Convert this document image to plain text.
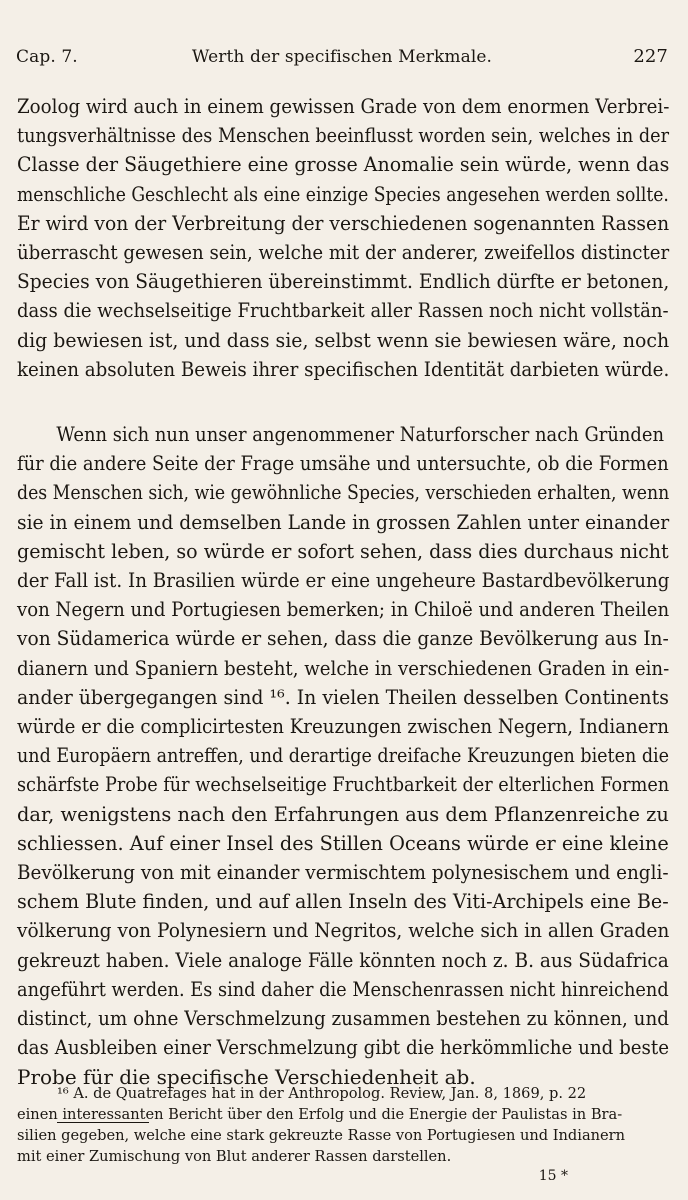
Cap. 7.	Werth der specifischen Merkmale.	227
Zoolog wird auch in einem gewissen Grade von dem enormen Verbrei-
tungsverhältnisse des Menschen beeinflusst worden sein, welches in der
Classe der Säugethiere eine grosse Anomalie sein würde, wenn das
menschliche Geschlecht als eine einzige Species angesehen werden sollte.
Er wird von der Verbreitung der verschiedenen sogenannten Rassen
überrascht gewesen sein, welche mit der anderer, zweifellos distincter
Species von Säugethieren übereinstimmt. Endlich dürfte er betonen,
dass die wechselseitige Fruchtbarkeit aller Rassen noch nicht vollstän-
dig bewiesen ist, und dass sie, selbst wenn sie bewiesen wäre, noch
keinen absoluten Beweis ihrer specifischen Identität darbieten würde.
Wenn sich nun unser angenommener Naturforscher nach Gründen
für die andere Seite der Frage umsähe und untersuchte, ob die Formen
des Menschen sich, wie gewöhnliche Species, verschieden erhalten, wenn
sie in einem und demselben Lande in grossen Zahlen unter einander
gemischt leben, so würde er sofort sehen, dass dies durchaus nicht
der Fall ist. In Brasilien würde er eine ungeheure Bastardbevölkerung
von Negern und Portugiesen bemerken; in Chiloë und anderen Theilen
von Südamerica würde er sehen, dass die ganze Bevölkerung aus In-
dianern und Spaniern besteht, welche in verschiedenen Graden in ein-
ander übergegangen sind ¹⁶. In vielen Theilen desselben Continents
würde er die complicirtesten Kreuzungen zwischen Negern, Indianern
und Europäern antreffen, und derartige dreifache Kreuzungen bieten die
schärfste Probe für wechselseitige Fruchtbarkeit der elterlichen Formen
dar, wenigstens nach den Erfahrungen aus dem Pflanzenreiche zu
schliessen. Auf einer Insel des Stillen Oceans würde er eine kleine
Bevölkerung von mit einander vermischtem polynesischem und engli-
schem Blute finden, und auf allen Inseln des Viti-Archipels eine Be-
völkerung von Polynesiern und Negritos, welche sich in allen Graden
gekreuzt haben. Viele analoge Fälle könnten noch z. B. aus Südafrica
angeführt werden. Es sind daher die Menschenrassen nicht hinreichend
distinct, um ohne Verschmelzung zusammen bestehen zu können, und
das Ausbleiben einer Verschmelzung gibt die herkömmliche und beste
Probe für die specifische Verschiedenheit ab.
¹⁶ A. de Quatrefages hat in der Anthropolog. Review, Jan. 8, 1869, p. 22
einen interessanten Bericht über den Erfolg und die Energie der Paulistas in Bra-
silien gegeben, welche eine stark gekreuzte Rasse von Portugiesen und Indianern
mit einer Zumischung von Blut anderer Rassen darstellen.
15 *
